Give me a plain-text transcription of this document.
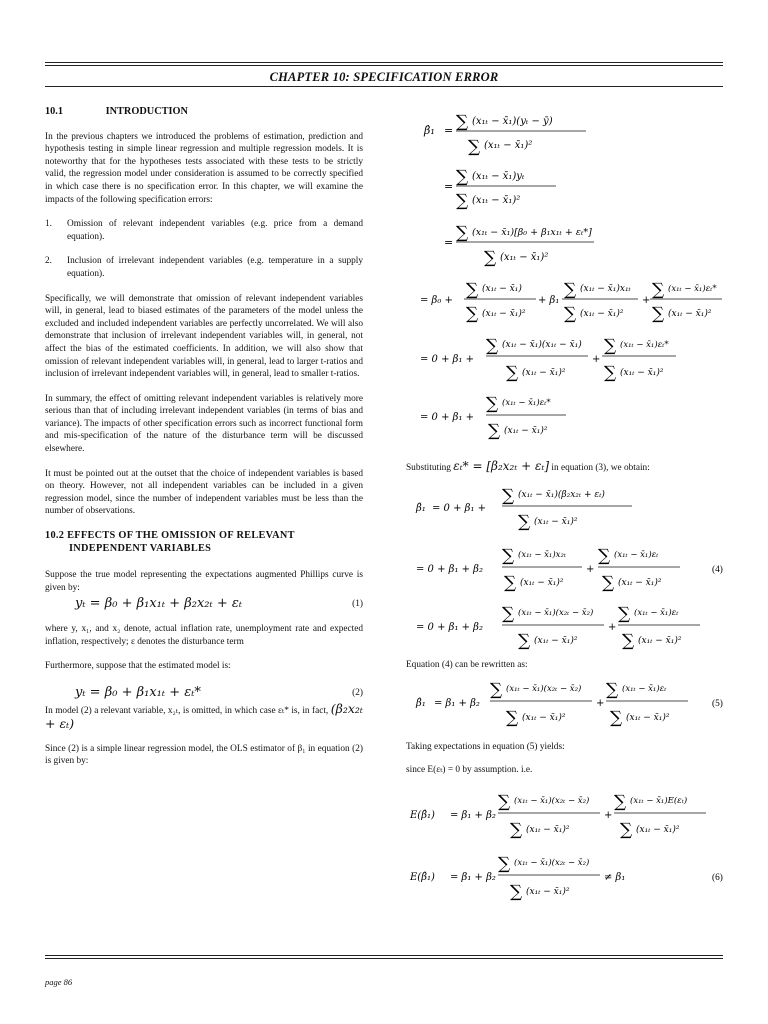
CHAPTER 10: SPECIFICATION ERROR
10.1	INTRODUCTION

In the previous chapters we introduced the problems of estimation, prediction and hypothesis testing in simple linear regression and multiple regression models. It is noteworthy that for the hypotheses tests associated with these tests to be strictly valid, the regression model under consideration is assumed to be correctly specified in which case there is no specification error. In this chapter, we will examine the impacts of the following specification errors:

1.	Omission of relevant independent variables (e.g. price from a demand equation).
2.	Inclusion of irrelevant independent variables (e.g. temperature in a supply equation).

Specifically, we will demonstrate that omission of relevant independent variables will, in general, lead to biased estimates of the parameters of the model unless the excluded and included independent variables are perfectly uncorrelated. We will also demonstrate that inclusion of irrelevant independent variables will, in general, not affect the bias of the estimated coefficients. In addition, we will also show that omission of relevant independent variables will, in general, lead to larger t-ratios and inclusion of irrelevant independent variables will, in general, lead to smaller t-ratios.

In summary, the effect of omitting relevant independent variables is relatively more serious than that of including irrelevant independent variables (in terms of bias and variance). The impacts of other specification errors such as incorrect functional form and mis-specification of the nature of the disturbance term will be discussed elsewhere.

It must be pointed out at the outset that the choice of independent variables is based on theory. However, not all independent variables can be included in a given regression model, since the number of independent variables must be less than the number of observations.

10.2 EFFECTS OF THE OMISSION OF RELEVANT
INDEPENDENT VARIABLES

Suppose the true model representing the expectations augmented Phillips curve is given by:

yₜ = β₀ + β₁x₁ₜ + β₂x₂ₜ + εₜ	(1)

where y, x₁, and x₂ denote, actual inflation rate, unemployment rate and expected inflation, respectively; ε denotes the disturbance term

Furthermore, suppose that the estimated model is:

yₜ = β₀ + β₁x₁ₜ + εₜ*	(2)

In model (2) a relevant variable, x₂ₜ, is omitted, in which case εₜ* is, in fact, (β₂x₂ₜ + εₜ)

Since (2) is a simple linear regression model, the OLS estimator of β₁ in equation (2) is given by:

β̂₁ = ∑ (x₁ₜ − x̄₁)(yₜ − ȳ)
∑ (x₁ₜ − x̄₁)²
= ∑ (x₁ₜ − x̄₁)yₜ
∑ (x₁ₜ − x̄₁)²
= ∑ (x₁ₜ − x̄₁)[β₀ + β₁x₁ₜ + εₜ*]
∑ (x₁ₜ − x̄₁)²
= β₀ +
∑ (x₁ₜ − x̄₁)
∑ (x₁ₜ − x̄₁)²
+ β₁
∑ (x₁ₜ − x̄₁)x₁ₜ
∑ (x₁ₜ − x̄₁)²
+
∑ (x₁ₜ − x̄₁)εₜ*
∑ (x₁ₜ − x̄₁)²
= 0 + β₁ +
∑ (x₁ₜ − x̄₁)(x₁ₜ − x̄₁)
∑ (x₁ₜ − x̄₁)²
+
∑ (x₁ₜ − x̄₁)εₜ*
∑ (x₁ₜ − x̄₁)²
= 0 + β₁ +
∑ (x₁ₜ − x̄₁)εₜ*
∑ (x₁ₜ − x̄₁)²

Substituting εₜ* = [β₂x₂ₜ + εₜ] in equation (3), we obtain:

β̂₁ = 0 + β₁ +
∑ (x₁ₜ − x̄₁)(β₂x₂ₜ + εₜ)
∑ (x₁ₜ − x̄₁)²
= 0 + β₁ + β₂
∑ (x₁ₜ − x̄₁)x₂ₜ
∑ (x₁ₜ − x̄₁)²
+
∑ (x₁ₜ − x̄₁)εₜ
∑ (x₁ₜ − x̄₁)²
(4)
= 0 + β₁ + β₂
∑ (x₁ₜ − x̄₁)(x₂ₜ − x̄₂)
∑ (x₁ₜ − x̄₁)²
+
∑ (x₁ₜ − x̄₁)εₜ
∑ (x₁ₜ − x̄₁)²

Equation (4) can be rewritten as:

β̂₁ = β₁ + β₂
∑ (x₁ₜ − x̄₁)(x₂ₜ − x̄₂)
∑ (x₁ₜ − x̄₁)²
+
∑ (x₁ₜ − x̄₁)εₜ
∑ (x₁ₜ − x̄₁)²
(5)

Taking expectations in equation (5) yields:

since E(εₜ) = 0 by assumption. i.e.

E(β̂₁) = β₁ + β₂
∑ (x₁ₜ − x̄₁)(x₂ₜ − x̄₂)
∑ (x₁ₜ − x̄₁)²
+
∑ (x₁ₜ − x̄₁)E(εₜ)
∑ (x₁ₜ − x̄₁)²
E(β̂₁) = β₁ + β₂
∑ (x₁ₜ − x̄₁)(x₂ₜ − x̄₂)
∑ (x₁ₜ − x̄₁)²
≠ β₁	(6)
page 86
